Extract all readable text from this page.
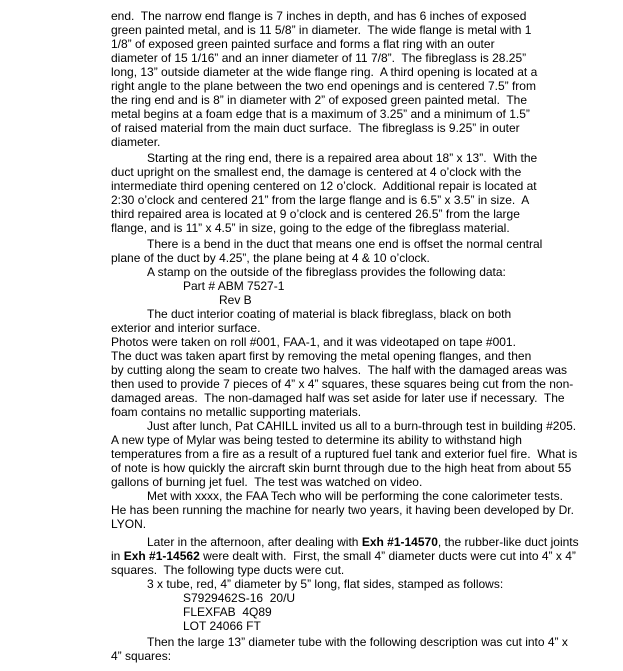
end.  The narrow end flange is 7 inches in depth, and has 6 inches of exposed
green painted metal, and is 11 5/8” in diameter.  The wide flange is metal with 1
1/8” of exposed green painted surface and forms a flat ring with an outer
diameter of 15 1/16” and an inner diameter of 11 7/8”.  The fibreglass is 28.25”
long, 13” outside diameter at the wide flange ring.  A third opening is located at a
right angle to the plane between the two end openings and is centered 7.5” from
the ring end and is 8” in diameter with 2” of exposed green painted metal.  The
metal begins at a foam edge that is a maximum of 3.25” and a minimum of 1.5”
of raised material from the main duct surface.  The fibreglass is 9.25” in outer
diameter.
Starting at the ring end, there is a repaired area about 18” x 13”.  With the
duct upright on the smallest end, the damage is centered at 4 o’clock with the
intermediate third opening centered on 12 o’clock.  Additional repair is located at
2:30 o’clock and centered 21” from the large flange and is 6.5” x 3.5” in size.  A
third repaired area is located at 9 o’clock and is centered 26.5” from the large
flange, and is 11” x 4.5” in size, going to the edge of the fibreglass material.
There is a bend in the duct that means one end is offset the normal central
plane of the duct by 4.25”, the plane being at 4 & 10 o’clock.
A stamp on the outside of the fibreglass provides the following data:
Part # ABM 7527-1
Rev B
The duct interior coating of material is black fibreglass, black on both
exterior and interior surface.
Photos were taken on roll #001, FAA-1, and it was videotaped on tape #001.
The duct was taken apart first by removing the metal opening flanges, and then
by cutting along the seam to create two halves.  The half with the damaged areas was
then used to provide 7 pieces of 4” x 4” squares, these squares being cut from the non-
damaged areas.  The non-damaged half was set aside for later use if necessary.  The
foam contains no metallic supporting materials.
Just after lunch, Pat CAHILL invited us all to a burn-through test in building #205.
A new type of Mylar was being tested to determine its ability to withstand high
temperatures from a fire as a result of a ruptured fuel tank and exterior fuel fire.  What is
of note is how quickly the aircraft skin burnt through due to the high heat from about 55
gallons of burning jet fuel.  The test was watched on video.
Met with xxxx, the FAA Tech who will be performing the cone calorimeter tests.
He has been running the machine for nearly two years, it having been developed by Dr.
LYON.
Later in the afternoon, after dealing with Exh #1-14570, the rubber-like duct joints
in Exh #1-14562 were dealt with.  First, the small 4” diameter ducts were cut into 4” x 4”
squares.  The following type ducts were cut.
3 x tube, red, 4” diameter by 5” long, flat sides, stamped as follows:
S7929462S-16  20/U
FLEXFAB  4Q89
LOT 24066 FT
Then the large 13” diameter tube with the following description was cut into 4” x
4” squares:
